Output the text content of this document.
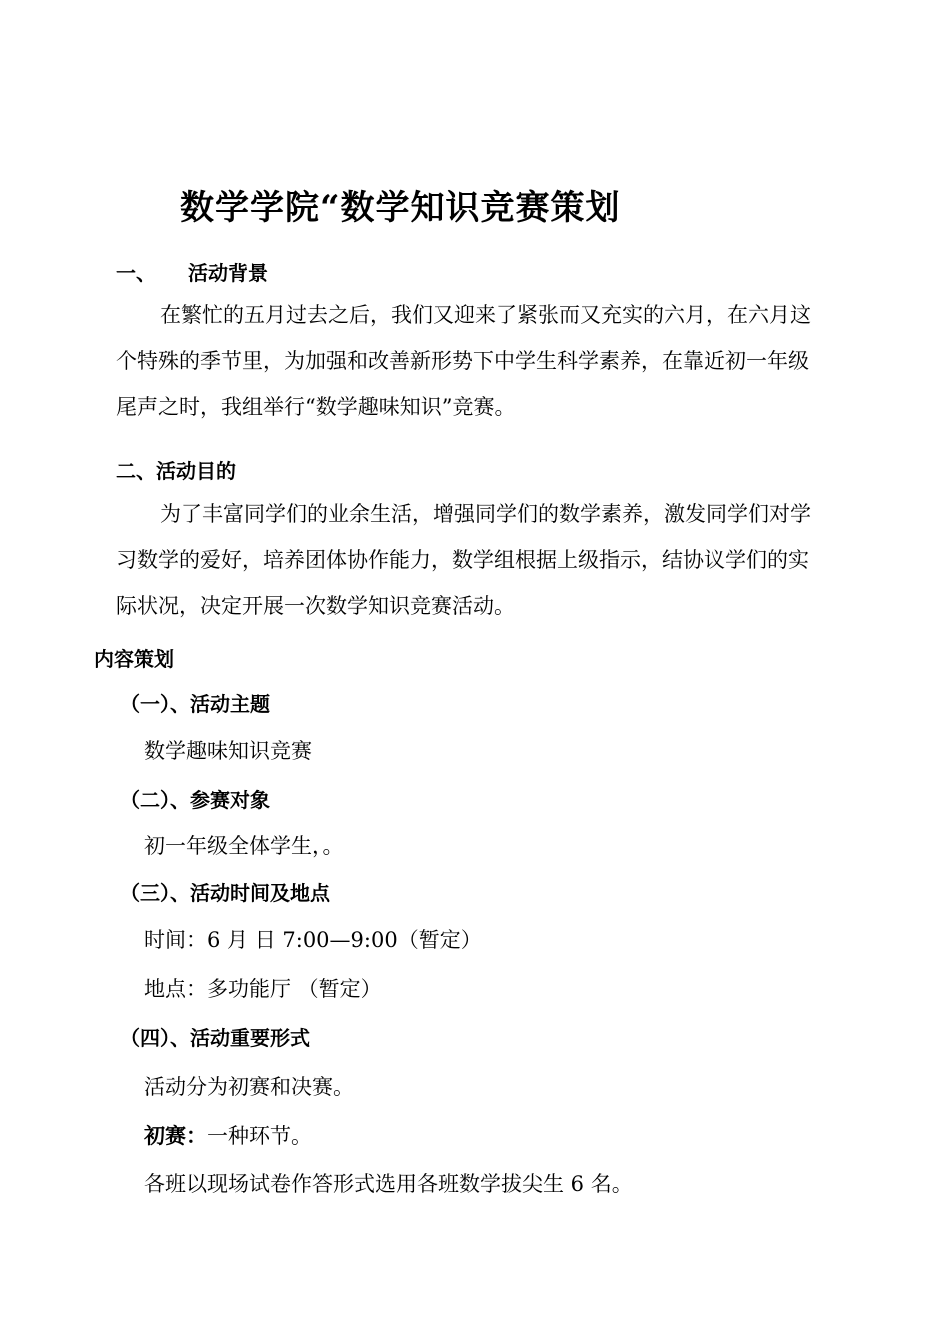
数学学院“数学知识竞赛策划
一、 活动背景
在繁忙的五月过去之后，我们又迎来了紧张而又充实的六月，在六月这个特殊的季节里，为加强和改善新形势下中学生科学素养，在靠近初一年级尾声之时，我组举行“数学趣味知识”竞赛。
二、活动目的
为了丰富同学们的业余生活，增强同学们的数学素养，激发同学们对学习数学的爱好，培养团体协作能力，数学组根据上级指示，结协议学们的实际状况，决定开展一次数学知识竞赛活动。
内容策划
（一）、活动主题
数学趣味知识竞赛
（二）、参赛对象
初一年级全体学生，。
（三）、活动时间及地点
时间：6 月 日 7:00—9:00（暂定）
地点：多功能厅 （暂定）
（四）、活动重要形式
活动分为初赛和决赛。
初赛：一种环节。
各班以现场试卷作答形式选用各班数学拔尖生 6 名。
